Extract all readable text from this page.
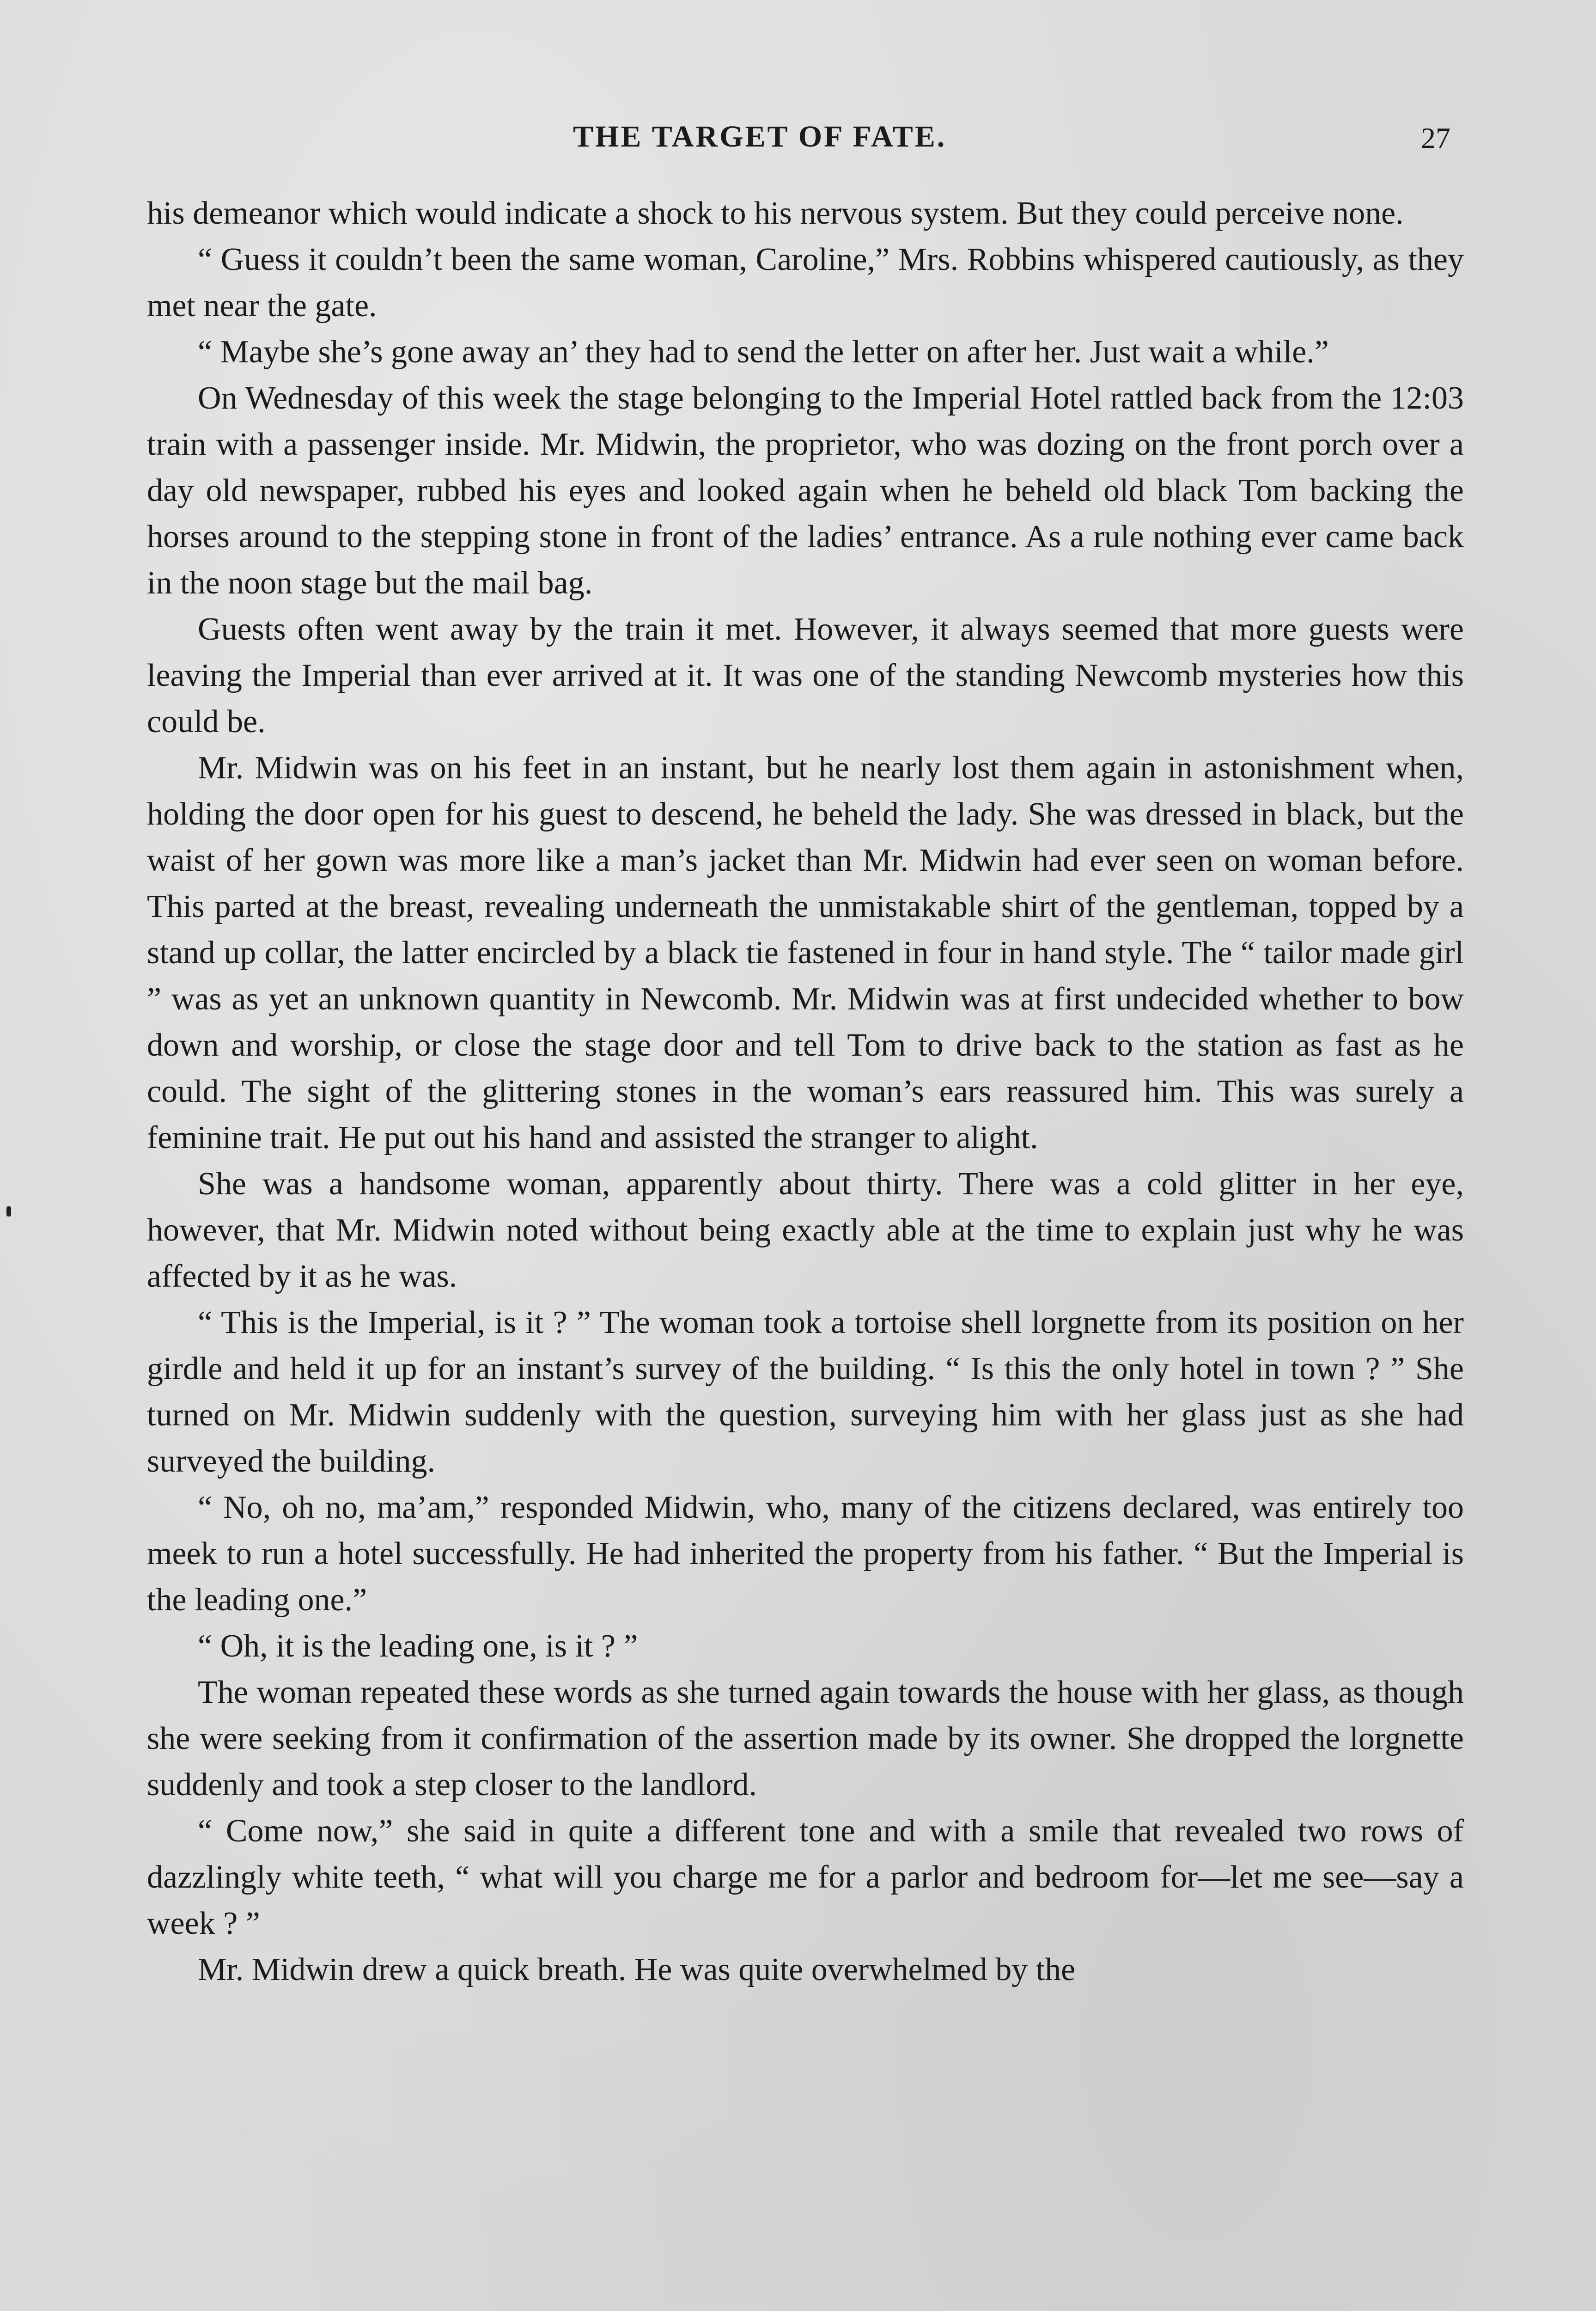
THE TARGET OF FATE.	27

his demeanor which would indicate a shock to his nervous system. But they could perceive none.

“ Guess it couldn’t been the same woman, Caroline,” Mrs. Robbins whispered cautiously, as they met near the gate.

“ Maybe she’s gone away an’ they had to send the letter on after her. Just wait a while.”

On Wednesday of this week the stage belonging to the Imperial Hotel rattled back from the 12:03 train with a passenger inside. Mr. Midwin, the proprietor, who was dozing on the front porch over a day old newspaper, rubbed his eyes and looked again when he beheld old black Tom backing the horses around to the stepping stone in front of the ladies’ entrance. As a rule nothing ever came back in the noon stage but the mail bag.

Guests often went away by the train it met. However, it always seemed that more guests were leaving the Imperial than ever arrived at it. It was one of the standing Newcomb mysteries how this could be.

Mr. Midwin was on his feet in an instant, but he nearly lost them again in astonishment when, holding the door open for his guest to descend, he beheld the lady. She was dressed in black, but the waist of her gown was more like a man’s jacket than Mr. Midwin had ever seen on woman before. This parted at the breast, revealing underneath the unmistakable shirt of the gentleman, topped by a stand up collar, the latter encircled by a black tie fastened in four in hand style. The “ tailor made girl ” was as yet an unknown quantity in Newcomb. Mr. Midwin was at first undecided whether to bow down and worship, or close the stage door and tell Tom to drive back to the station as fast as he could. The sight of the glittering stones in the woman’s ears reassured him. This was surely a feminine trait. He put out his hand and assisted the stranger to alight.

She was a handsome woman, apparently about thirty. There was a cold glitter in her eye, however, that Mr. Midwin noted without being exactly able at the time to explain just why he was affected by it as he was.

“ This is the Imperial, is it ? ” The woman took a tortoise shell lorgnette from its position on her girdle and held it up for an instant’s survey of the building. “ Is this the only hotel in town ? ” She turned on Mr. Midwin suddenly with the question, surveying him with her glass just as she had surveyed the building.

“ No, oh no, ma’am,” responded Midwin, who, many of the citizens declared, was entirely too meek to run a hotel successfully. He had inherited the property from his father. “ But the Imperial is the leading one.”

“ Oh, it is the leading one, is it ? ”

The woman repeated these words as she turned again towards the house with her glass, as though she were seeking from it confirmation of the assertion made by its owner. She dropped the lorgnette suddenly and took a step closer to the landlord.

“ Come now,” she said in quite a different tone and with a smile that revealed two rows of dazzlingly white teeth, “ what will you charge me for a parlor and bedroom for—let me see—say a week ? ”

Mr. Midwin drew a quick breath. He was quite overwhelmed by the
